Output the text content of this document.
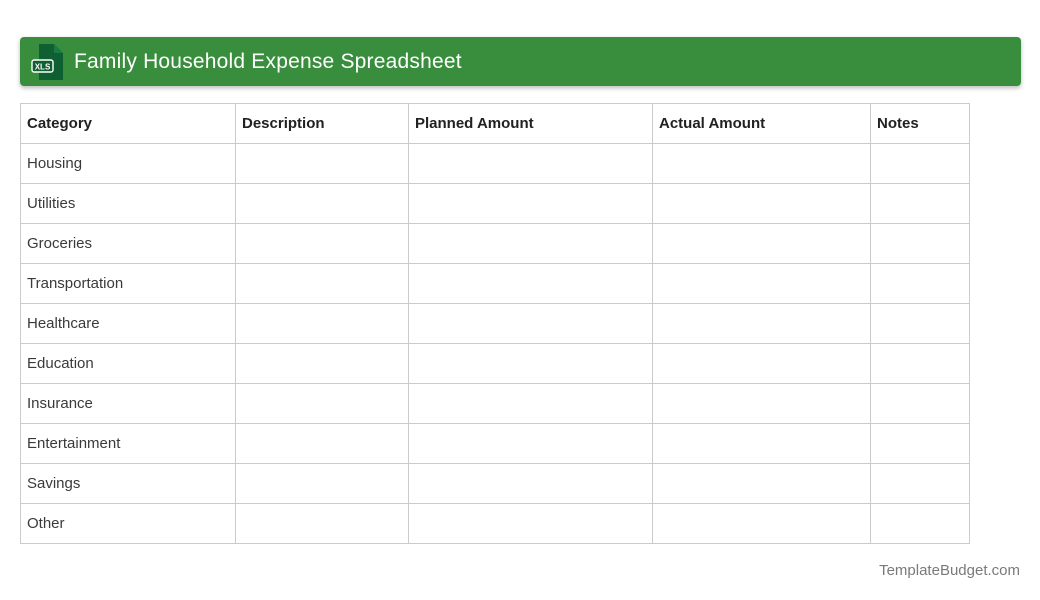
XLS Family Household Expense Spreadsheet
Category	Description	Planned Amount	Actual Amount	Notes
Housing				
Utilities				
Groceries				
Transportation				
Healthcare				
Education				
Insurance				
Entertainment				
Savings				
Other				
TemplateBudget.com
